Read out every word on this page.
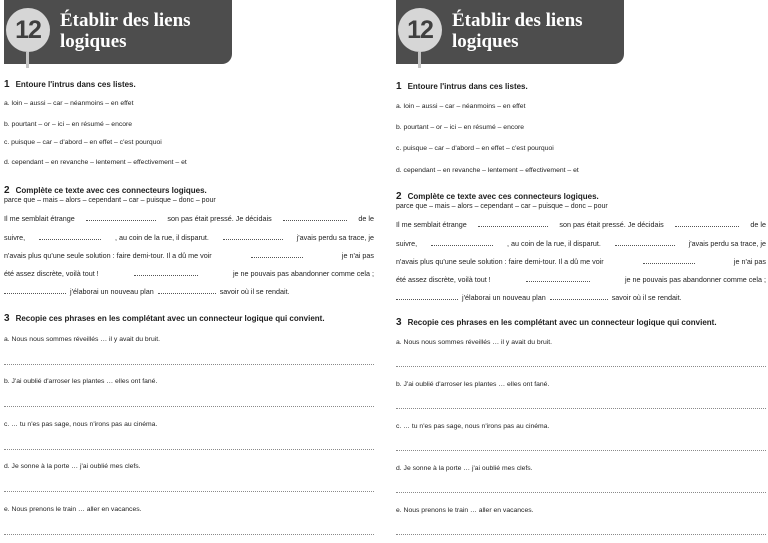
12	Établir des liens
logiques
1 Entoure l'intrus dans ces listes.
a. loin – aussi – car – néanmoins – en effet
b. pourtant – or – ici – en résumé – encore
c. puisque – car – d'abord – en effet – c'est pourquoi
d. cependant – en revanche – lentement – effectivement – et
2 Complète ce texte avec ces connecteurs logiques.
parce que – mais – alors – cependant – car – puisque – donc – pour
Il me semblait étrange	son pas était pressé. Je décidais	de le
suivre,	, au coin de la rue, il disparut.	j'avais perdu sa trace, je
n'avais plus qu'une seule solution : faire demi-tour. Il a dû me voir	je n'ai pas
été assez discrète, voilà tout !	je ne pouvais pas abandonner comme cela ;
j'élaborai un nouveau plan	savoir où il se rendait.
3 Recopie ces phrases en les complétant avec un connecteur logique qui convient.
a. Nous nous sommes réveillés … il y avait du bruit.
b. J'ai oublié d'arroser les plantes … elles ont fané.
c. … tu n'es pas sage, nous n'irons pas au cinéma.
d. Je sonne à la porte … j'ai oublié mes clefs.
e. Nous prenons le train … aller en vacances.
12	Établir des liens
logiques
1 Entoure l'intrus dans ces listes.
a. loin – aussi – car – néanmoins – en effet
b. pourtant – or – ici – en résumé – encore
c. puisque – car – d'abord – en effet – c'est pourquoi
d. cependant – en revanche – lentement – effectivement – et
2 Complète ce texte avec ces connecteurs logiques.
parce que – mais – alors – cependant – car – puisque – donc – pour
Il me semblait étrange	son pas était pressé. Je décidais	de le
suivre,	, au coin de la rue, il disparut.	j'avais perdu sa trace, je
n'avais plus qu'une seule solution : faire demi-tour. Il a dû me voir	je n'ai pas
été assez discrète, voilà tout !	je ne pouvais pas abandonner comme cela ;
j'élaborai un nouveau plan	savoir où il se rendait.
3 Recopie ces phrases en les complétant avec un connecteur logique qui convient.
a. Nous nous sommes réveillés … il y avait du bruit.
b. J'ai oublié d'arroser les plantes … elles ont fané.
c. … tu n'es pas sage, nous n'irons pas au cinéma.
d. Je sonne à la porte … j'ai oublié mes clefs.
e. Nous prenons le train … aller en vacances.
